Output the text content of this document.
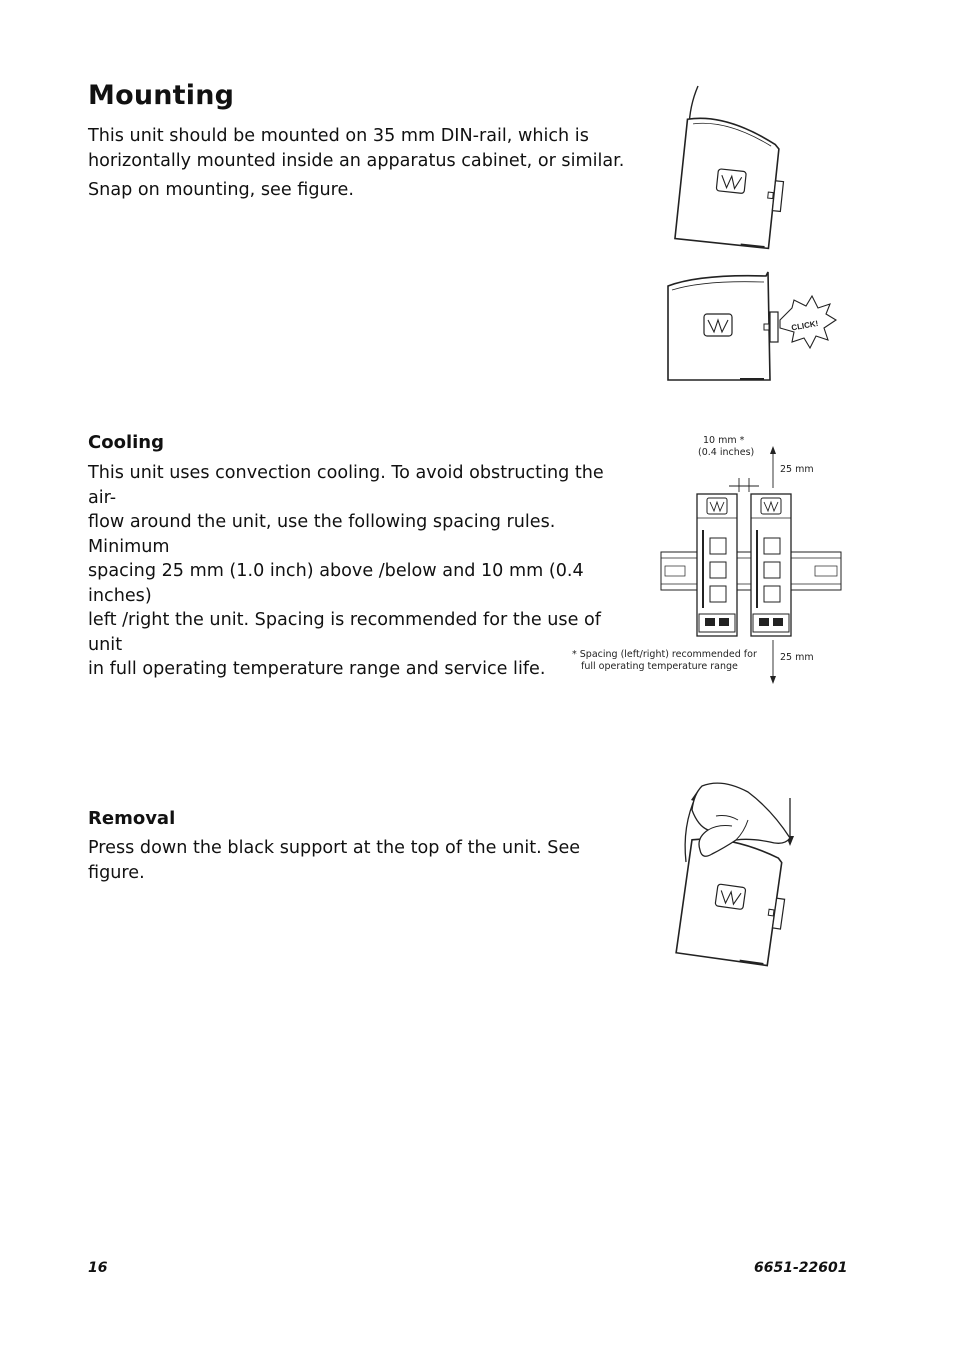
Mounting

This unit should be mounted on 35 mm DIN-rail, which is
horizontally mounted inside an apparatus cabinet, or similar.

Snap on mounting, see figure.

CLICK!
Cooling

This unit uses convection cooling. To avoid obstructing the air-
flow around the unit, use the following spacing rules. Minimum
spacing 25 mm (1.0 inch) above /below and 10 mm (0.4 inches)
left /right the unit. Spacing is recommended for the use of unit
in full operating temperature range and service life.

10 mm *
(0.4 inches)
25 mm
25 mm
* Spacing (left/right) recommended for
full operating temperature range
Removal

Press down the black support at the top of the unit. See figure.

16	6651-22601
